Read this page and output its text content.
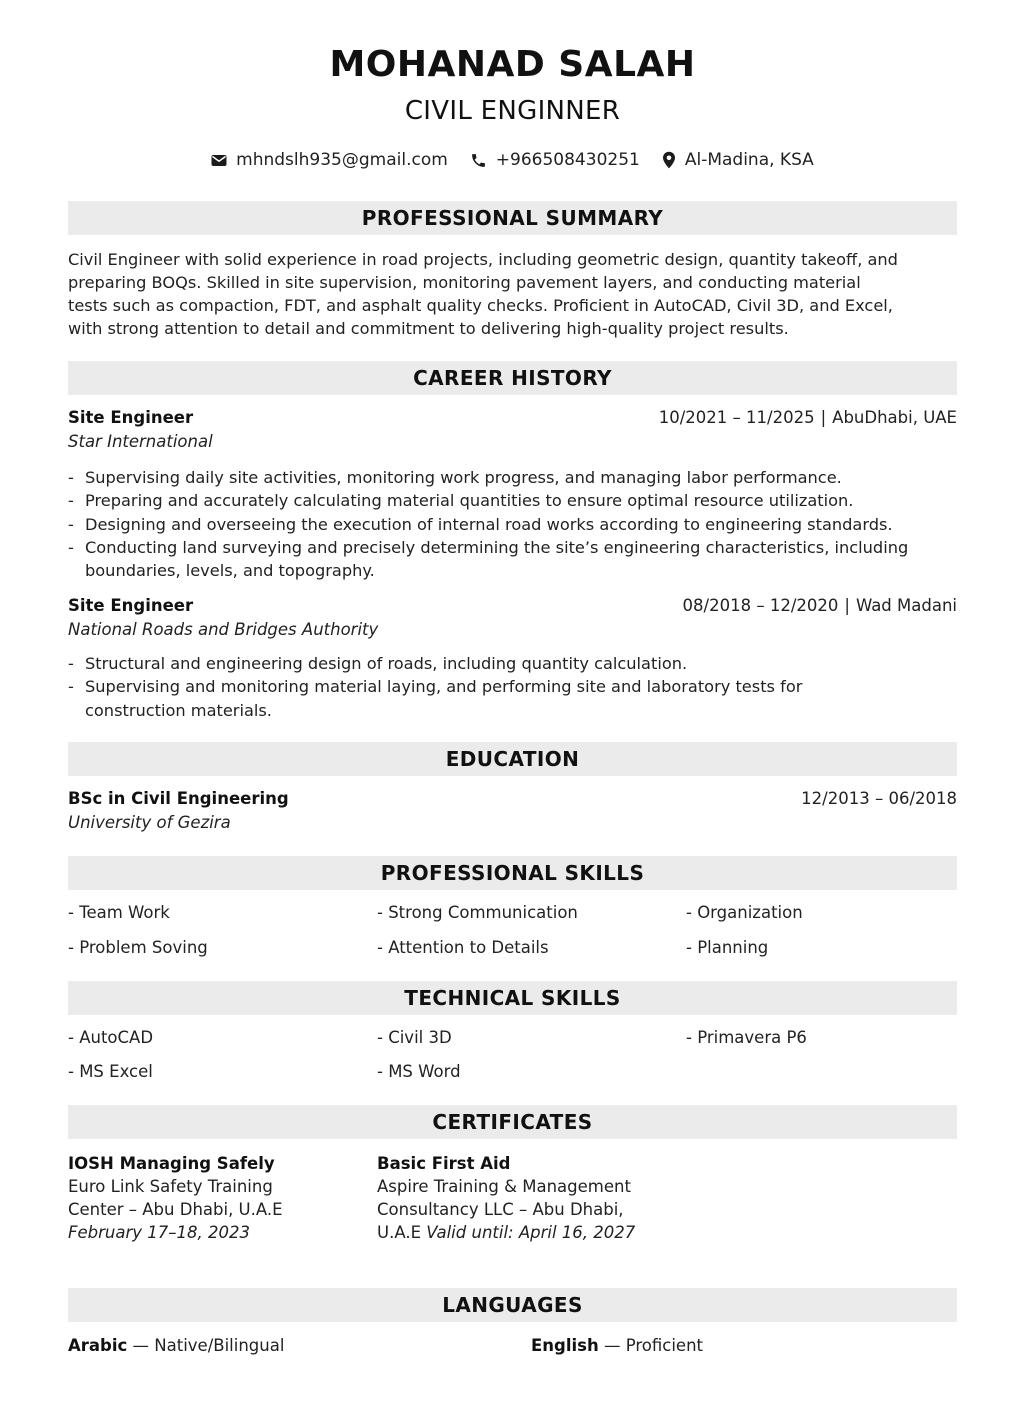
MOHANAD SALAH
CIVIL ENGINNER
mhndslh935@gmail.com	+966508430251	Al-Madina, KSA
PROFESSIONAL SUMMARY
Civil Engineer with solid experience in road projects, including geometric design, quantity takeoff, and
preparing BOQs. Skilled in site supervision, monitoring pavement layers, and conducting material
tests such as compaction, FDT, and asphalt quality checks. Proficient in AutoCAD, Civil 3D, and Excel,
with strong attention to detail and commitment to delivering high-quality project results.
CAREER HISTORY
Site Engineer	10/2021 – 11/2025 | AbuDhabi, UAE
Star International
- Supervising daily site activities, monitoring work progress, and managing labor performance.
- Preparing and accurately calculating material quantities to ensure optimal resource utilization.
- Designing and overseeing the execution of internal road works according to engineering standards.
- Conducting land surveying and precisely determining the site’s engineering characteristics, including boundaries, levels, and topography.
Site Engineer	08/2018 – 12/2020 | Wad Madani
National Roads and Bridges Authority
- Structural and engineering design of roads, including quantity calculation.
- Supervising and monitoring material laying, and performing site and laboratory tests for construction materials.
EDUCATION
BSc in Civil Engineering	12/2013 – 06/2018
University of Gezira
PROFESSIONAL SKILLS
- Team Work	- Strong Communication	- Organization
- Problem Soving	- Attention to Details	- Planning
TECHNICAL SKILLS
- AutoCAD	- Civil 3D	- Primavera P6
- MS Excel	- MS Word
CERTIFICATES
IOSH Managing Safely
Euro Link Safety Training
Center – Abu Dhabi, U.A.E
February 17–18, 2023
Basic First Aid
Aspire Training & Management
Consultancy LLC – Abu Dhabi,
U.A.E Valid until: April 16, 2027
LANGUAGES
Arabic — Native/Bilingual	English — Proficient
